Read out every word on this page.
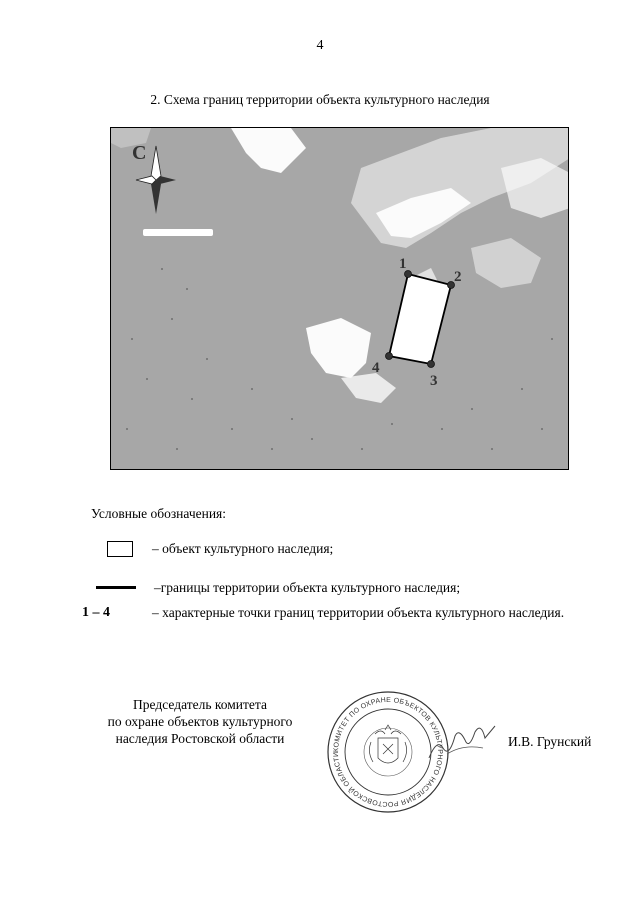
4
2. Схема границ территории объекта культурного наследия
С
1
2
3
4
Условные обозначения:
– объект культурного наследия;
–границы территории объекта культурного наследия;
1 – 4	– характерные точки границ территории объекта культурного наследия.
Председатель комитета
по охране объектов культурного
наследия Ростовской области
КОМИТЕТ ПО ОХРАНЕ ОБЪЕКТОВ КУЛЬТУРНОГО НАСЛЕДИЯ РОСТОВСКОЙ ОБЛАСТИ
И.В. Грунский
